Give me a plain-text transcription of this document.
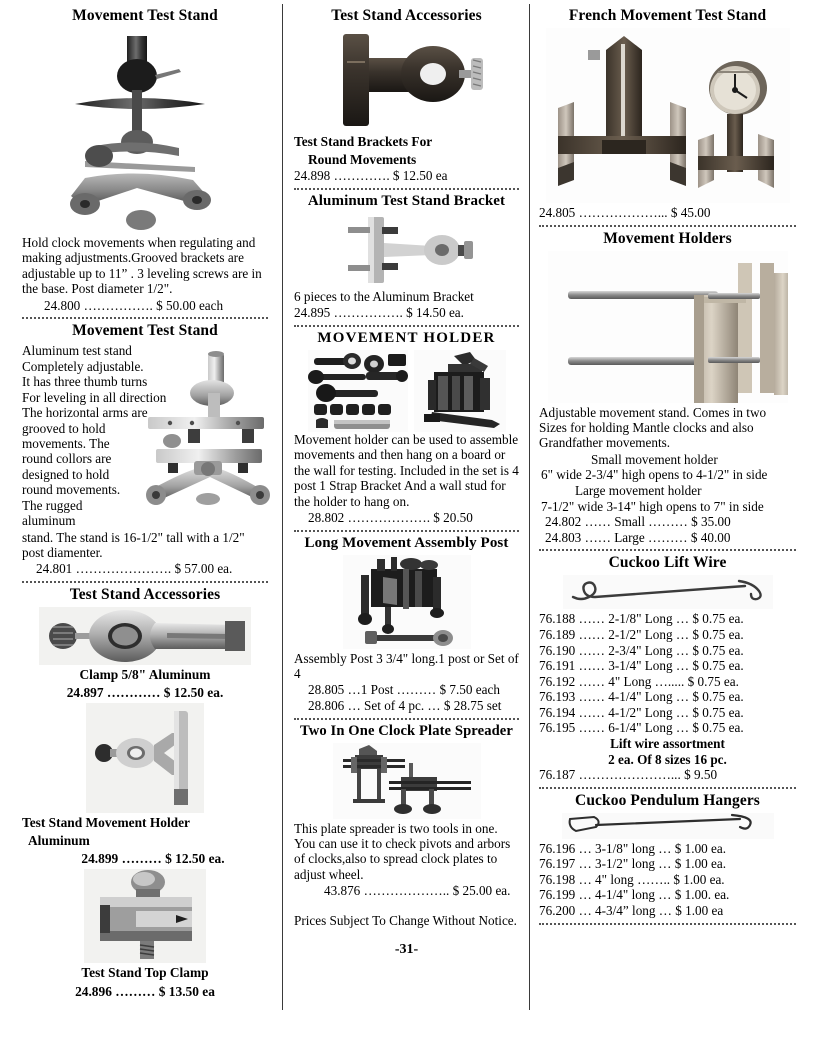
Movement Test Stand

Hold clock movements when regulating and making adjustments.Grooved brackets are adjustable up to 11” . 3 leveling screws are in the base. Post diameter 1/2".

24.800 ……………. $ 50.00 each

Movement Test Stand

Aluminum test stand
Completely adjustable.
It has three thumb turns
For leveling in all direction
The horizontal arms are
grooved to hold
movements. The
round collors are
designed to hold
round movements.
The rugged
aluminum

stand. The stand is 16-1/2" tall with a 1/2" post diamenter.

24.801 …………………. $ 57.00 ea.

Test Stand Accessories

Clamp 5/8" Aluminum

24.897 ………… $ 12.50 ea.

Test Stand Movement Holder

Aluminum

24.899 ……… $ 12.50 ea.

Test Stand Top Clamp

24.896 ……… $ 13.50 ea

Test Stand Accessories

Test Stand Brackets For

Round Movements

24.898 …………. $ 12.50 ea

Aluminum Test Stand Bracket

6 pieces to the Aluminum Bracket

24.895 ……………. $ 14.50 ea.

MOVEMENT HOLDER

Movement holder can be used to assemble movements and then hang on a board or the wall for testing. Included in the set is 4 post 1 Strap Bracket And a wall stud for the holder to hang on.

28.802 ………………. $ 20.50

Long Movement Assembly Post

Assembly Post 3 3/4" long.1 post or Set of 4

28.805 …1 Post ……… $ 7.50 each

28.806 … Set of 4 pc. … $ 28.75 set

Two In One Clock Plate Spreader

This plate spreader is two tools in one. You can use it to check pivots and arbors of clocks,also to spread clock plates to adjust wheel.

43.876 ……………….. $ 25.00 ea.

Prices Subject To Change Without Notice.

-31-

French Movement Test Stand

24.805 ………………... $ 45.00

Movement Holders

Adjustable movement stand. Comes in two Sizes for holding Mantle clocks and also Grandfather movements.

Small movement holder

6" wide 2-3/4" high opens to 4-1/2" in side

Large movement holder

7-1/2" wide 3-14" high opens to 7" in side

24.802 …… Small ……… $ 35.00

24.803 …… Large ……… $ 40.00

Cuckoo Lift Wire

76.188 …… 2-1/8" Long … $ 0.75 ea.

76.189 …… 2-1/2" Long … $ 0.75 ea.

76.190 …… 2-3/4" Long … $ 0.75 ea.

76.191 …… 3-1/4" Long … $ 0.75 ea.

76.192 …… 4" Long …..... $ 0.75 ea.

76.193 …… 4-1/4" Long … $ 0.75 ea.

76.194 …… 4-1/2" Long … $ 0.75 ea.

76.195 …… 6-1/4" Long … $ 0.75 ea.

Lift wire assortment

2 ea. Of 8 sizes 16 pc.

76.187 …………………... $ 9.50

Cuckoo Pendulum Hangers

76.196 … 3-1/8" long … $ 1.00 ea.

76.197 … 3-1/2" long … $ 1.00 ea.

76.198 … 4" long …….. $ 1.00 ea.

76.199 … 4-1/4" long … $ 1.00. ea.

76.200 … 4-3/4” long … $ 1.00 ea
